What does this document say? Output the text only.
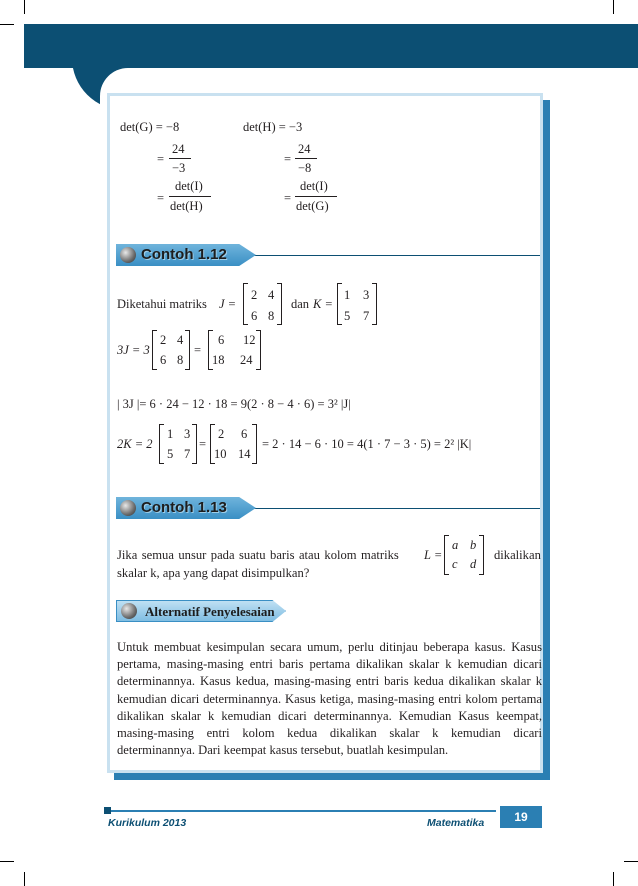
det(G) = −8	det(H) = −3
=
24
−3
=
24
−8
=
det(I)
det(H)
=
det(I)
det(G)
Contoh 1.12
Diketahui matriks J =
2 4
6 8
dan K =
1 3
5 7
3J = 3
2 4
6 8
=
6 12
18 24
| 3J |= 6 · 24 − 12 · 18 = 9(2 · 8 − 4 · 6) = 3² |J|
2K = 2
1 3
5 7
=
2 6
10 14
= 2 · 14 − 6 · 10 = 4(1 · 7 − 3 · 5) = 2² |K|
Contoh 1.13
Jika semua unsur pada suatu baris atau kolom matriks L =
a b
c d
dikalikan
skalar k, apa yang dapat disimpulkan?
Alternatif Penyelesaian
Untuk membuat kesimpulan secara umum, perlu ditinjau beberapa kasus. Kasus pertama, masing-masing entri baris pertama dikalikan skalar k kemudian dicari determinannya. Kasus kedua, masing-masing entri baris kedua dikalikan skalar k kemudian dicari determinannya. Kasus ketiga, masing-masing entri kolom pertama dikalikan skalar k kemudian dicari determinannya. Kemudian Kasus keempat, masing-masing entri kolom kedua dikalikan skalar k kemudian dicari determinannya. Dari keempat kasus tersebut, buatlah kesimpulan.
Kurikulum 2013	Matematika	19
